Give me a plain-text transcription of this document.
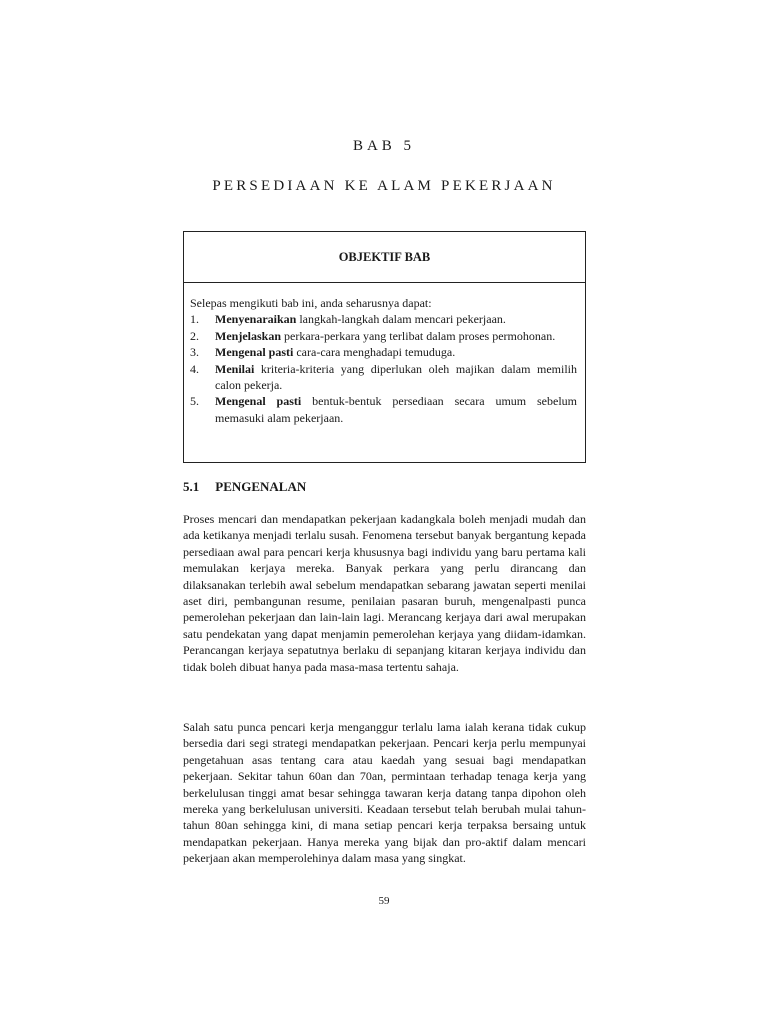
BAB 5
PERSEDIAAN KE ALAM PEKERJAAN
OBJEKTIF BAB

Selepas mengikuti bab ini, anda seharusnya dapat:

1.	Menyenaraikan langkah-langkah dalam mencari pekerjaan.
2.	Menjelaskan perkara-perkara yang terlibat dalam proses permohonan.
3.	Mengenal pasti cara-cara menghadapi temuduga.
4.	Menilai kriteria-kriteria yang diperlukan oleh majikan dalam memilih calon pekerja.
5.	Mengenal pasti bentuk-bentuk persediaan secara umum sebelum memasuki alam pekerjaan.
5.1 PENGENALAN

Proses mencari dan mendapatkan pekerjaan kadangkala boleh menjadi mudah dan ada ketikanya menjadi terlalu susah. Fenomena tersebut banyak bergantung kepada persediaan awal para pencari kerja khususnya bagi individu yang baru pertama kali memulakan kerjaya mereka. Banyak perkara yang perlu dirancang dan dilaksanakan terlebih awal sebelum mendapatkan sebarang jawatan seperti menilai aset diri, pembangunan resume, penilaian pasaran buruh, mengenalpasti punca pemerolehan pekerjaan dan lain-lain lagi. Merancang kerjaya dari awal merupakan satu pendekatan yang dapat menjamin pemerolehan kerjaya yang diidam-idamkan. Perancangan kerjaya sepatutnya berlaku di sepanjang kitaran kerjaya individu dan tidak boleh dibuat hanya pada masa-masa tertentu sahaja.

Salah satu punca pencari kerja menganggur terlalu lama ialah kerana tidak cukup bersedia dari segi strategi mendapatkan pekerjaan. Pencari kerja perlu mempunyai pengetahuan asas tentang cara atau kaedah yang sesuai bagi mendapatkan pekerjaan. Sekitar tahun 60an dan 70an, permintaan terhadap tenaga kerja yang berkelulusan tinggi amat besar sehingga tawaran kerja datang tanpa dipohon oleh mereka yang berkelulusan universiti. Keadaan tersebut telah berubah mulai tahun-tahun 80an sehingga kini, di mana setiap pencari kerja terpaksa bersaing untuk mendapatkan pekerjaan. Hanya mereka yang bijak dan pro-aktif dalam mencari pekerjaan akan memperolehinya dalam masa yang singkat.

59
